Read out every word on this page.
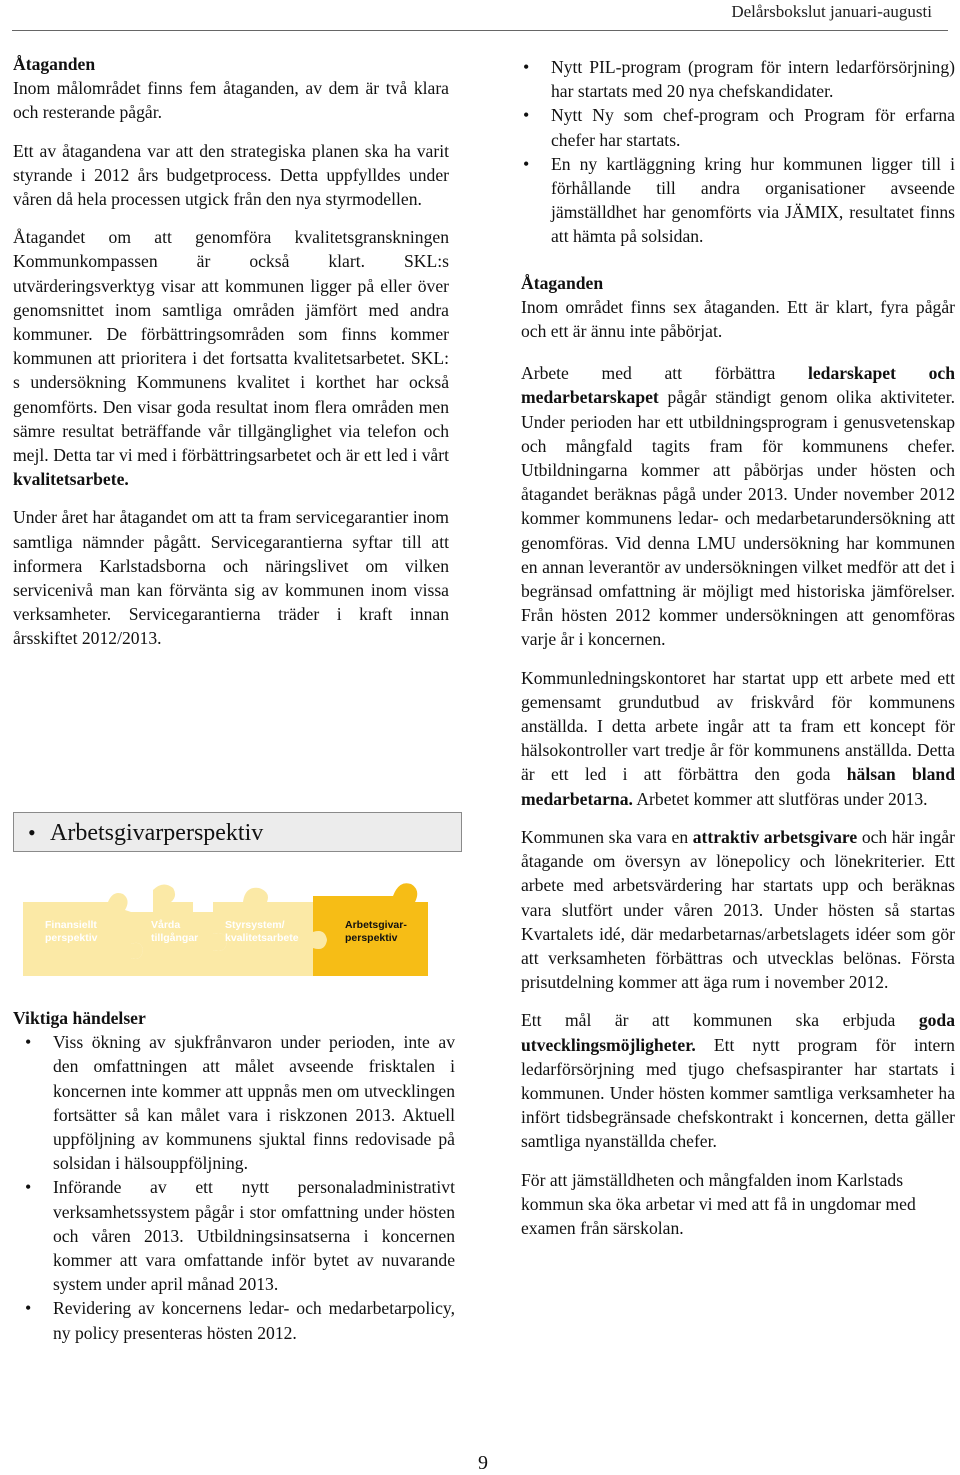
Delårsbokslut januari-augusti
Åtaganden

Inom målområdet finns fem åtaganden, av dem är två klara och resterande pågår.

Ett av åtagandena var att den strategiska planen ska ha varit styrande i 2012 års budgetprocess. Detta uppfylldes under våren då hela processen utgick från den nya styrmodellen.

Åtagandet om att genomföra kvalitetsgranskningen Kommunkompassen är också klart. SKL:s utvärderingsverktyg visar att kommunen ligger på eller över genomsnittet inom samtliga områden jämfört med andra kommuner. De förbättringsområden som finns kommer kommunen att prioritera i det fortsatta kvalitetsarbetet. SKL: s undersökning Kommunens kvalitet i korthet har också genomförts. Den visar goda resultat inom flera områden men sämre resultat beträffande vår tillgänglighet via telefon och mejl. Detta tar vi med i förbättringsarbetet och är ett led i vårt kvalitetsarbete.

Under året har åtagandet om att ta fram servicegarantier inom samtliga nämnder pågått. Servicegarantierna syftar till att informera Karlstadsborna och näringslivet om vilken servicenivå man kan förvänta sig av kommunen inom vissa verksamheter. Servicegarantierna träder i kraft innan årsskiftet 2012/2013.

• Arbetsgivarperspektiv
Finansiellt perspektiv
Vårda tillgångar
Styrsystem/ kvalitetsarbete
Arbetsgivar-perspektiv
Viktiga händelser
• Viss ökning av sjukfrånvaron under perioden, inte av den omfattningen att målet avseende frisktalen i koncernen inte kommer att uppnås men om utvecklingen fortsätter så kan målet vara i riskzonen 2013. Aktuell uppföljning av kommunens sjuktal finns redovisade på solsidan i hälsouppföljning.
• Införande av ett nytt personaladministrativt verksamhetssystem pågår i stor omfattning under hösten och våren 2013. Utbildningsinsatserna i koncernen kommer att vara omfattande inför bytet av nuvarande system under april månad 2013.
• Revidering av koncernens ledar- och medarbetarpolicy, ny policy presenteras hösten 2012.
• Nytt PIL-program (program för intern ledarförsörjning) har startats med 20 nya chefskandidater.
• Nytt Ny som chef-program och Program för erfarna chefer har startats.
• En ny kartläggning kring hur kommunen ligger till i förhållande till andra organisationer avseende jämställdhet har genomförts via JÄMIX, resultatet finns att hämta på solsidan.
Åtaganden

Inom området finns sex åtaganden. Ett är klart, fyra pågår och ett är ännu inte påbörjat.

Arbete med att förbättra ledarskapet och medarbetarskapet pågår ständigt genom olika aktiviteter. Under perioden har ett utbildningsprogram i genusvetenskap och mångfald tagits fram för kommunens chefer. Utbildningarna kommer att påbörjas under hösten och åtagandet beräknas pågå under 2013. Under november 2012 kommer kommunens ledar- och medarbetarundersökning att genomföras. Vid denna LMU undersökning har kommunen en annan leverantör av undersökningen vilket medför att det i begränsad omfattning är möjligt med historiska jämförelser. Från hösten 2012 kommer undersökningen att genomföras varje år i koncernen.

Kommunledningskontoret har startat upp ett arbete med ett gemensamt grundutbud av friskvård för kommunens anställda. I detta arbete ingår att ta fram ett koncept för hälsokontroller vart tredje år för kommunens anställda. Detta är ett led i att förbättra den goda hälsan bland medarbetarna. Arbetet kommer att slutföras under 2013.

Kommunen ska vara en attraktiv arbetsgivare och här ingår åtagande om översyn av lönepolicy och lönekriterier. Ett arbete med arbetsvärdering har startats upp och beräknas vara slutfört under våren 2013. Under hösten så startas Kvartalets idé, där medarbetarnas/arbetslagets idéer som gör att verksamheten förbättras och utvecklas belönas. Första prisutdelning kommer att äga rum i november 2012.

Ett mål är att kommunen ska erbjuda goda utvecklingsmöjligheter. Ett nytt program för intern ledarförsörjning med tjugo chefsaspiranter har startats i kommunen. Under hösten kommer samtliga verksamheter ha infört tidsbegränsade chefskontrakt i koncernen, detta gäller samtliga nyanställda chefer.

För att jämställdheten och mångfalden inom Karlstads kommun ska öka arbetar vi med att få in ungdomar med examen från särskolan.

9
